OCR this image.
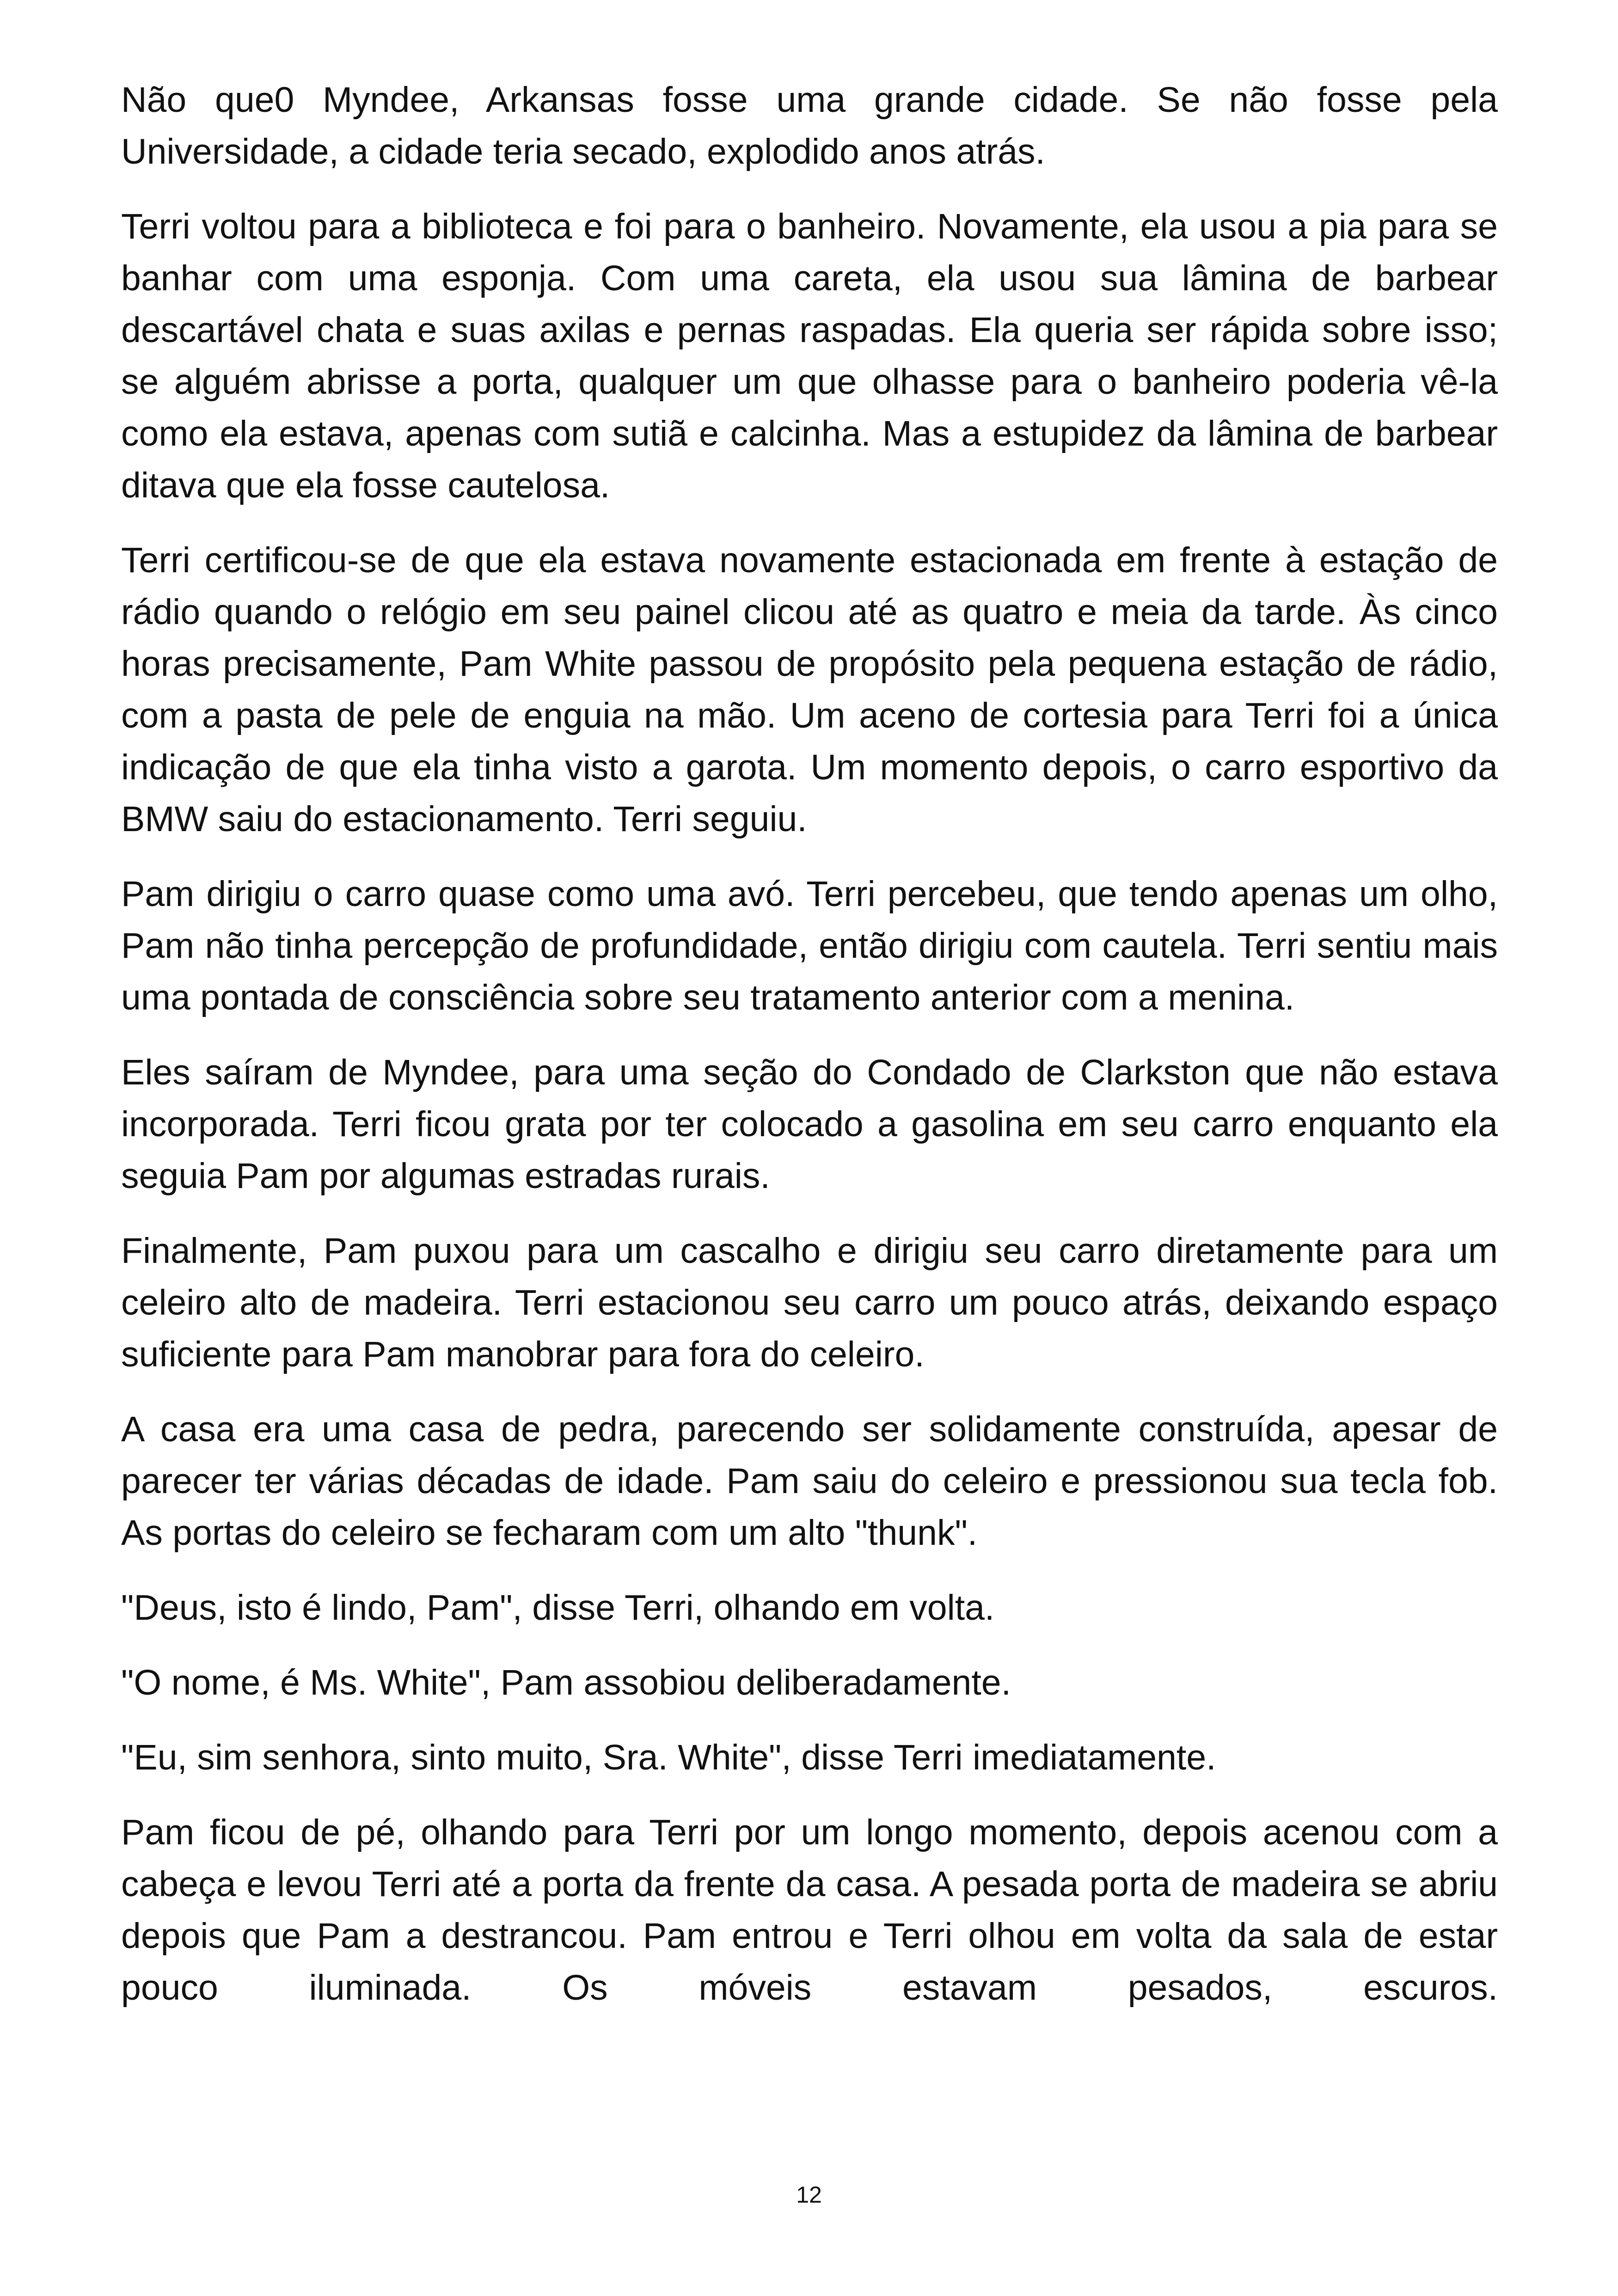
Não que0 Myndee, Arkansas fosse uma grande cidade. Se não fosse pela Universidade, a cidade teria secado, explodido anos atrás.

Terri voltou para a biblioteca e foi para o banheiro. Novamente, ela usou a pia para se banhar com uma esponja. Com uma careta, ela usou sua lâmina de barbear descartável chata e suas axilas e pernas raspadas. Ela queria ser rápida sobre isso; se alguém abrisse a porta, qualquer um que olhasse para o banheiro poderia vê-la como ela estava, apenas com sutiã e calcinha. Mas a estupidez da lâmina de barbear ditava que ela fosse cautelosa.

Terri certificou-se de que ela estava novamente estacionada em frente à estação de rádio quando o relógio em seu painel clicou até as quatro e meia da tarde. Às cinco horas precisamente, Pam White passou de propósito pela pequena estação de rádio, com a pasta de pele de enguia na mão. Um aceno de cortesia para Terri foi a única indicação de que ela tinha visto a garota. Um momento depois, o carro esportivo da BMW saiu do estacionamento. Terri seguiu.

Pam dirigiu o carro quase como uma avó. Terri percebeu, que tendo apenas um olho, Pam não tinha percepção de profundidade, então dirigiu com cautela. Terri sentiu mais uma pontada de consciência sobre seu tratamento anterior com a menina.

Eles saíram de Myndee, para uma seção do Condado de Clarkston que não estava incorporada. Terri ficou grata por ter colocado a gasolina em seu carro enquanto ela seguia Pam por algumas estradas rurais.

Finalmente, Pam puxou para um cascalho e dirigiu seu carro diretamente para um celeiro alto de madeira. Terri estacionou seu carro um pouco atrás, deixando espaço suficiente para Pam manobrar para fora do celeiro.

A casa era uma casa de pedra, parecendo ser solidamente construída, apesar de parecer ter várias décadas de idade. Pam saiu do celeiro e pressionou sua tecla fob. As portas do celeiro se fecharam com um alto "thunk".

"Deus, isto é lindo, Pam", disse Terri, olhando em volta.

"O nome, é Ms. White", Pam assobiou deliberadamente.

"Eu, sim senhora, sinto muito, Sra. White", disse Terri imediatamente.

Pam ficou de pé, olhando para Terri por um longo momento, depois acenou com a cabeça e levou Terri até a porta da frente da casa. A pesada porta de madeira se abriu depois que Pam a destrancou. Pam entrou e Terri olhou em volta da sala de estar pouco iluminada. Os móveis estavam pesados, escuros.

12
